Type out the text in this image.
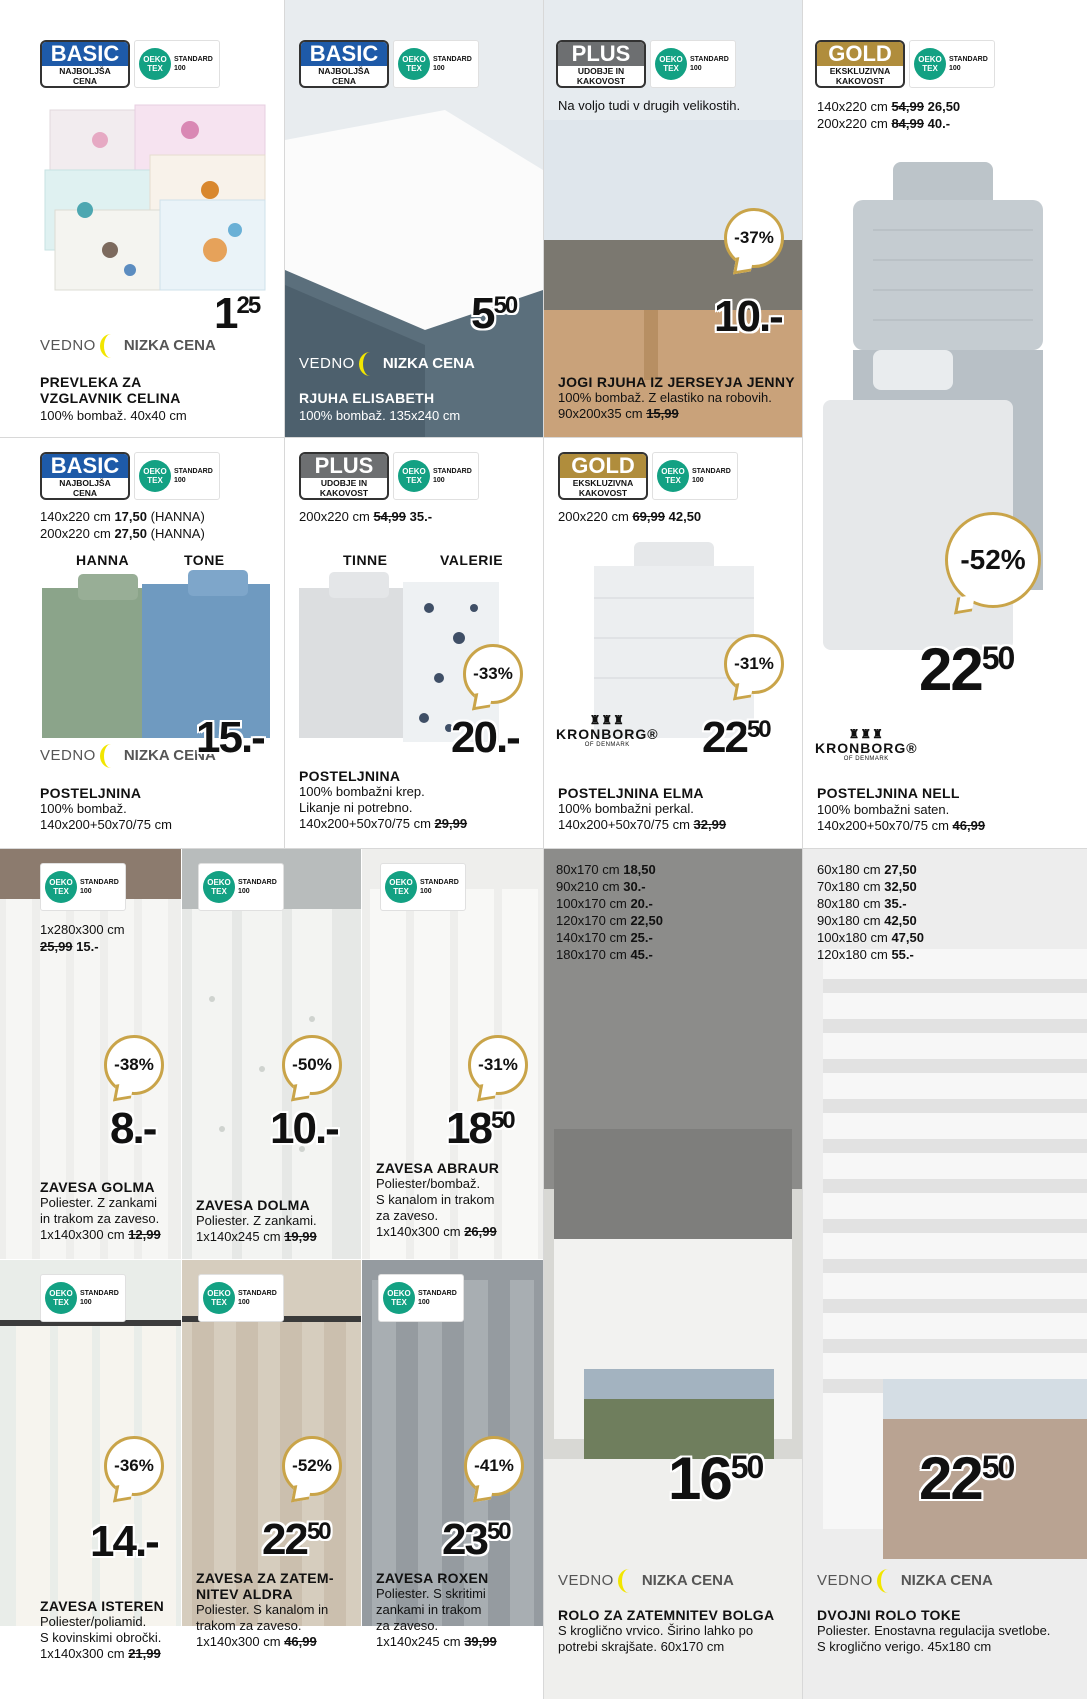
BASIC
NAJBOLJŠA
CENA
OEKO TEX
STANDARD
100
$1^{25}$
VEDNO NIZKA CENA
PREVLEKA ZA
VZGLAVNIK CELINA
100% bombaž. 40x40 cm
BASIC
NAJBOLJŠA
CENA
OEKO TEX
STANDARD
100
$5^{50}$
VEDNO NIZKA CENA
RJUHA ELISABETH
100% bombaž. 135x240 cm
PLUS
UDOBJE IN
KAKOVOST
OEKO TEX
STANDARD
100
Na voljo tudi v drugih velikostih.
-37%
10.-
JOGI RJUHA IZ JERSEYJA JENNY
100% bombaž. Z elastiko na robovih.
90x200x35 cm 15,99
GOLD
EKSKLUZIVNA
KAKOVOST
OEKO TEX
STANDARD
100
140x220 cm 54,99 26,50
200x220 cm 84,99 40.-
-52%
$22^{50}$
♜♜♜
KRONBORG®
OF DENMARK
POSTELJNINA NELL
100% bombažni saten.
140x200+50x70/75 cm 46,99
BASIC
NAJBOLJŠA
CENA
OEKO TEX
STANDARD
100
140x220 cm 17,50 (HANNA)
200x220 cm 27,50 (HANNA)
HANNA	TONE
VEDNO NIZKA CENA
15.-
POSTELJNINA
100% bombaž.
140x200+50x70/75 cm
PLUS
UDOBJE IN
KAKOVOST
OEKO TEX
STANDARD
100
200x220 cm 54,99 35.-
TINNE	VALERIE
-33%
20.-
POSTELJNINA
100% bombažni krep.
Likanje ni potrebno.
140x200+50x70/75 cm 29,99
GOLD
EKSKLUZIVNA
KAKOVOST
OEKO TEX
STANDARD
100
200x220 cm 69,99 42,50
-31%
$22^{50}$
♜♜♜
KRONBORG®
OF DENMARK
POSTELJNINA ELMA
100% bombažni perkal.
140x200+50x70/75 cm 32,99
OEKO TEX
STANDARD
100
1x280x300 cm
25,99 15.-
-38%
8.-
ZAVESA GOLMA
Poliester. Z zankami
in trakom za zaveso.
1x140x300 cm 12,99
OEKO TEX
STANDARD
100
-50%
10.-
ZAVESA DOLMA
Poliester. Z zankami.
1x140x245 cm 19,99
OEKO TEX
STANDARD
100
-31%
$18^{50}$
ZAVESA ABRAUR
Poliester/bombaž.
S kanalom in trakom
za zaveso.
1x140x300 cm 26,99
80x170 cm 18,50
90x210 cm 30.-
100x170 cm 20.-
120x170 cm 22,50
140x170 cm 25.-
180x170 cm 45.-
$16^{50}$
VEDNO NIZKA CENA
ROLO ZA ZATEMNITEV BOLGA
S kroglično vrvico. Širino lahko po
potrebi skrajšate. 60x170 cm
60x180 cm 27,50
70x180 cm 32,50
80x180 cm 35.-
90x180 cm 42,50
100x180 cm 47,50
120x180 cm 55.-
$22^{50}$
VEDNO NIZKA CENA
DVOJNI ROLO TOKE
Poliester. Enostavna regulacija svetlobe.
S kroglično verigo. 45x180 cm
OEKO TEX
STANDARD
100
-36%
14.-
ZAVESA ISTEREN
Poliester/poliamid.
S kovinskimi obročki.
1x140x300 cm 21,99
OEKO TEX
STANDARD
100
-52%
$22^{50}$
ZAVESA ZA ZATEM-
NITEV ALDRA
Poliester. S kanalom in
trakom za zaveso.
1x140x300 cm 46,99
OEKO TEX
STANDARD
100
-41%
$23^{50}$
ZAVESA ROXEN
Poliester. S skritimi
zankami in trakom
za zaveso.
1x140x245 cm 39,99
